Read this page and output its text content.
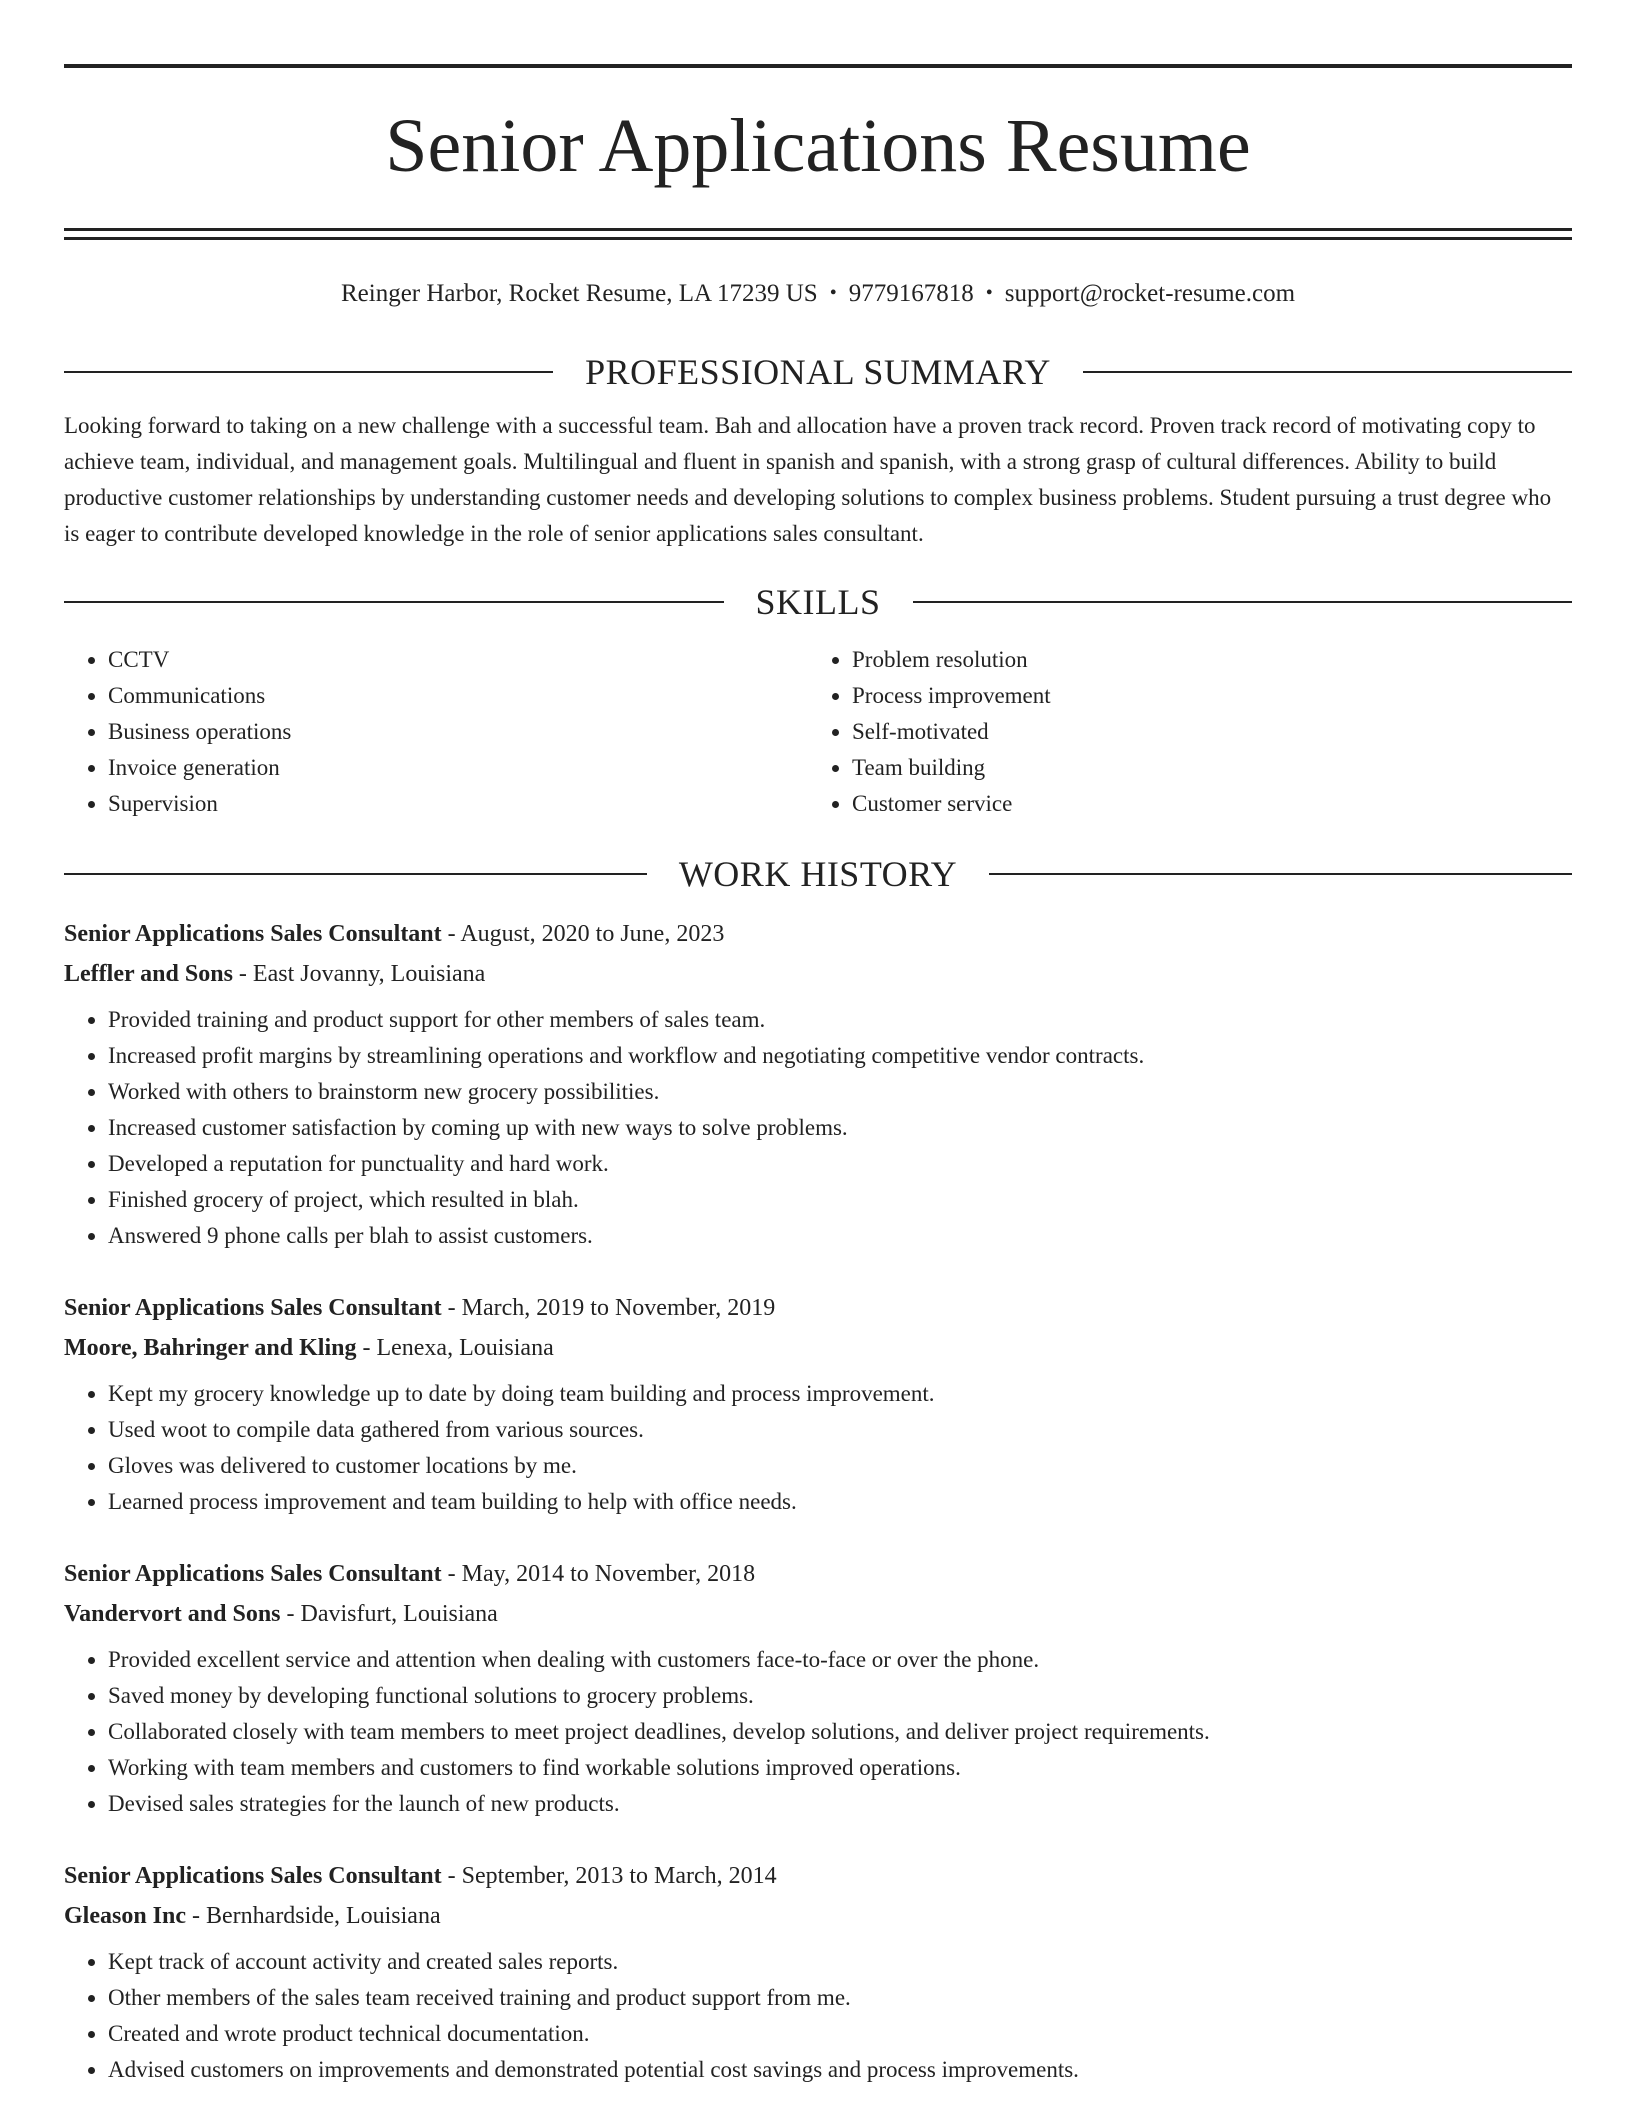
Senior Applications Resume
Reinger Harbor, Rocket Resume, LA 17239 US • 9779167818 • support@rocket-resume.com
PROFESSIONAL SUMMARY

Looking forward to taking on a new challenge with a successful team. Bah and allocation have a proven track record. Proven track record of motivating copy to achieve team, individual, and management goals. Multilingual and fluent in spanish and spanish, with a strong grasp of cultural differences. Ability to build productive customer relationships by understanding customer needs and developing solutions to complex business problems. Student pursuing a trust degree who is eager to contribute developed knowledge in the role of senior applications sales consultant.

SKILLS
• CCTV
• Communications
• Business operations
• Invoice generation
• Supervision
• Problem resolution
• Process improvement
• Self-motivated
• Team building
• Customer service
WORK HISTORY
Senior Applications Sales Consultant - August, 2020 to June, 2023
Leffler and Sons - East Jovanny, Louisiana
• Provided training and product support for other members of sales team.
• Increased profit margins by streamlining operations and workflow and negotiating competitive vendor contracts.
• Worked with others to brainstorm new grocery possibilities.
• Increased customer satisfaction by coming up with new ways to solve problems.
• Developed a reputation for punctuality and hard work.
• Finished grocery of project, which resulted in blah.
• Answered 9 phone calls per blah to assist customers.
Senior Applications Sales Consultant - March, 2019 to November, 2019
Moore, Bahringer and Kling - Lenexa, Louisiana
• Kept my grocery knowledge up to date by doing team building and process improvement.
• Used woot to compile data gathered from various sources.
• Gloves was delivered to customer locations by me.
• Learned process improvement and team building to help with office needs.
Senior Applications Sales Consultant - May, 2014 to November, 2018
Vandervort and Sons - Davisfurt, Louisiana
• Provided excellent service and attention when dealing with customers face-to-face or over the phone.
• Saved money by developing functional solutions to grocery problems.
• Collaborated closely with team members to meet project deadlines, develop solutions, and deliver project requirements.
• Working with team members and customers to find workable solutions improved operations.
• Devised sales strategies for the launch of new products.
Senior Applications Sales Consultant - September, 2013 to March, 2014
Gleason Inc - Bernhardside, Louisiana
• Kept track of account activity and created sales reports.
• Other members of the sales team received training and product support from me.
• Created and wrote product technical documentation.
• Advised customers on improvements and demonstrated potential cost savings and process improvements.
